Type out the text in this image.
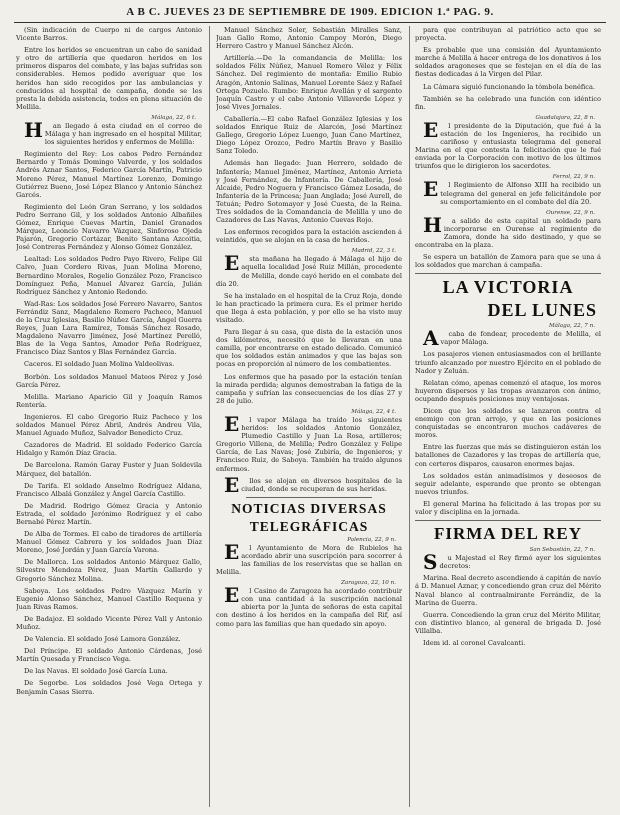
A B C. JUEVES 23 DE SEPTIEMBRE DE 1909. EDICION 1.ª PAG. 9.

(Sin indicación de Cuerpo ni de cargos Antonio Vicente Barros.

Entre los heridos se encuentran un cabo de sanidad y otro de artillería que quedaron heridos en los primeros disparos del combate, y las bajas sufridas son considerables. Hemos podido averiguar que los heridos han sido recogidos por las ambulancias y conducidos al hospital de campaña, donde se les presta la debida asistencia, todos en plena situación de Mellila.

Málaga, 22, 6 t.

Han llegado á esta ciudad en el correo de Málaga y han ingresado en el hospital Militar, los siguientes heridos y enfermos de Melilla:

Regimiento del Rey: Los cabos Pedro Fernández Bernardo y Tomás Domingo Valverde, y los soldados Andrés Aznar Santos, Federico García Martín, Patricio Moreno Pérez, Manuel Martínez Lorenzo, Domingo Gutiérrez Bueno, José López Blanco y Antonio Sánchez Garcés.

Regimiento del León Gran Serrano, y los soldados Pedro Serrano Gil, y los soldados Antonio Albañiles Gómez, Enrique Cuevas Martín, Daniel Granados Márquez, Leoncio Navarro Vázquez, Sinforoso Ojeda Pajarón, Gregorio Cortázar, Benito Santana Azcoitia, José Contreras Fernández y Alonso Gómez González.

Lealtad: Los soldados Pedro Payo Rivero, Felipe Gil Calvo, Juan Cordero Rivas, Juan Molina Moreno, Bernardino Morales, Rogelio González Pozo, Francisco Domínguez Peña, Manuel Álvarez García, Julián Rodríguez Sánchez y Antonio Redondo.

Wad-Ras: Los soldados José Ferrero Navarro, Santos Ferrándiz Sanz, Magdaleno Romero Pacheco, Manuel de la Cruz Iglesias, Basilio Núñez García, Ángel Guerra Reyes, Juan Lara Ramírez, Tomás Sánchez Rosado, Magdaleno Navarro Jiménez, José Martínez Perelló, Blas de la Vega Santos, Amador Peña Rodríguez, Francisco Díaz Santos y Blas Fernández García.

Caceros. El soldado Juan Molina Valdeolivas.

Borbón. Los soldados Manuel Mateos Pérez y José García Pérez.

Melilla. Mariano Aparicio Gil y Joaquín Ramos Rentería.

Ingenieros. El cabo Gregorio Ruiz Pacheco y los soldados Manuel Pérez Abril, Andrés Andreu Vila, Manuel Aguado Muñoz, Salvador Benedicto Cruz.

Cazadores de Madrid. El soldado Federico García Hidalgo y Ramón Díaz Gracia.

De Barcelona. Ramón Garay Fuster y Juan Soldevila Márquez, del batallón.

De Tarifa. El soldado Anselmo Rodríguez Aldana, Francisco Albalá González y Ángel García Castillo.

De Madrid. Rodrigo Gómez Gracia y Antonio Estrada, el soldado Jerónimo Rodríguez y el cabo Bernabé Pérez Martín.

De Alba de Tormes. El cabo de tiradores de artillería Manuel Gómez Cabrera y los soldados Juan Díaz Moreno, José Jordán y Juan García Varona.

De Mallorca. Los soldados Antonio Márquez Gallo, Silvestre Mendoza Pérez, Juan Martín Gallardo y Gregorio Sánchez Molina.

Saboya. Los soldados Pedro Vázquez Marín y Eugenio Alonso Sánchez, Manuel Castillo Requena y Juan Rivas Ramos.

De Badajoz. El soldado Vicente Pérez Vall y Antonio Muñoz.

De Valencia. El soldado José Lamora González.

Del Príncipe. El soldado Antonio Cárdenas, José Martín Quesada y Francisco Vega.

De las Navas. El soldado José García Luna.

De Segorbe. Los soldados José Vega Ortega y Benjamín Casas Sierra.

Manuel Sánchez Soler, Sebastián Miralles Sanz, Juan Gallo Romo, Antonio Campoy Morón, Diego Herrero Castro y Manuel Sánchez Alcón.

Artillería.—De la comandancia de Melilla: los soldados Félix Núñez, Manuel Romero Vélez y Félix Sánchez. Del regimiento de montaña: Emilio Rubio Aragón, Antonio Salinas, Manuel Lorente Sáez y Rafael Ortega Pozuelo. Rumbo: Enrique Avellán y el sargento Joaquín Castro y el cabo Antonio Villaverde López y José Vives Jornales.

Caballería.—El cabo Rafael González Iglesias y los soldados Enrique Ruiz de Alarcón, José Martínez Gallego, Gregorio López Luengo, Juan Cano Martínez, Diego López Orozco, Pedro Martín Bravo y Basilio Sanz Toledo.

Además han llegado: Juan Herrero, soldado de Infantería; Manuel Jiménez, Martínez, Antonio Arrieta y José Fernández, de Infantería. De Caballería, José Alcaide, Pedro Noguera y Francisco Gámez Losada, de Infantería de la Princesa; Juan Anglada; José Aurell, de Tetuán; Pedro Sotomayor y José Cuesta, de la Reina. Tres soldados de la Comandancia de Melilla y uno de Cazadores de Las Navas, Antonio Cuevas Rojo.

Los enfermos recogidos para la estación ascienden á veintidós, que se alojan en la casa de heridos.

Madrid, 22, 3 t.

Esta mañana ha llegado á Málaga el hijo de aquella localidad José Ruiz Millán, procedente de Melilla, donde cayó herido en el combate del día 20.

Se ha instalado en el hospital de la Cruz Roja, donde le han practicado la primera cura. Es el primer herido que llega á esta población, y por ello se ha visto muy visitado.

Para llegar á su casa, que dista de la estación unos dos kilómetros, necesitó que le llevaran en una camilla, por encontrarse en estado delicado. Comunicó que los soldados están animados y que las bajas son pocas en proporción al número de los combatientes.

Los enfermos que ha pasado por la estación tenían la mirada perdida; algunos demostraban la fatiga de la campaña y sufrían las consecuencias de los días 27 y 28 de julio.

Málaga, 22, 4 t.

El vapor Málaga ha traído los siguientes heridos: los soldados Antonio González, Plumedio Castillo y Juan La Rosa, artilleros; Gregorio Villena, de Melilla; Pedro González y Felipe García, de Las Navas; José Zubiría, de Ingenieros; y Francisco Ruiz, de Saboya. También ha traído algunos enfermos.

Ellos se alojan en diversos hospitales de la ciudad, donde se recuperan de sus heridas.

NOTICIAS DIVERSAS
TELEGRÁFICAS
Palencia, 22, 9 n.

El Ayuntamiento de Mora de Rubielos ha acordado abrir una suscripción para socorrer á las familias de los reservistas que se hallan en Melilla.

Zaragoza, 22, 10 n.

El Casino de Zaragoza ha acordado contribuir con una cantidad á la suscripción nacional abierta por la Junta de señoras de esta capital con destino á los heridos en la campaña del Rif, así como para las familias que han quedado sin apoyo.

para que contribuyan al patriótico acto que se proyecta.

Es probable que una comisión del Ayuntamiento marche á Melilla á hacer entrega de los donativos á los soldados aragoneses que se festejan en el día de las fiestas dedicadas á la Virgen del Pilar.

La Cámara siguió funcionando la tómbola benéfica.

También se ha celebrado una función con idéntico fin.

Guadalajara, 22, 8 n.

El presidente de la Diputación, que fué á la estación de los Ingenieros, ha recibido un cariñoso y entusiasta telegrama del general Marina en el que contesta la felicitación que le fué enviada por la Corporación con motivo de los últimos triunfos que le dirigieron los sacerdotes.

Ferrol, 22, 9 n.

El Regimiento de Alfonso XIII ha recibido un telegrama del general en jefe felicitándole por su comportamiento en el combate del día 20.

Ourense, 22, 9 n.

Ha salido de esta capital un soldado para incorporarse en Ourense al regimiento de Zamora, donde ha sido destinado, y que se encontraba en la plaza.

Se espera un batallón de Zamora para que se una á los soldados que marchan á campaña.

LA VICTORIA
DEL LUNES
Málaga, 22, 7 n.

Acaba de fondear, procedente de Melilla, el vapor Málaga.

Los pasajeros vienen entusiasmados con el brillante triunfo alcanzado por nuestro Ejército en el poblado de Nador y Zeluán.

Relatan cómo, apenas comenzó el ataque, los moros huyeron dispersos y las tropas avanzaron con ánimo, ocupando después posiciones muy ventajosas.

Dicen que los soldados se lanzaron contra el enemigo con gran arrojo, y que en las posiciones conquistadas se encontraron muchos cadáveres de moros.

Entre las fuerzas que más se distinguieron están los batallones de Cazadores y las tropas de artillería que, con certeros disparos, causaron enormes bajas.

Los soldados están animadísimos y deseosos de seguir adelante, esperando que pronto se obtengan nuevos triunfos.

El general Marina ha felicitado á las tropas por su valor y disciplina en la jornada.

FIRMA DEL REY
San Sebastián, 22, 7 n.

Su Majestad el Rey firmó ayer los siguientes decretos:

Marina. Real decreto ascendiendo á capitán de navío á D. Manuel Aznar, y concediendo gran cruz del Mérito Naval blanco al contraalmirante Ferrándiz, de la Marina de Guerra.

Guerra. Concediendo la gran cruz del Mérito Militar, con distintivo blanco, al general de brigada D. José Villalba.

Idem id. al coronel Cavalcanti.
